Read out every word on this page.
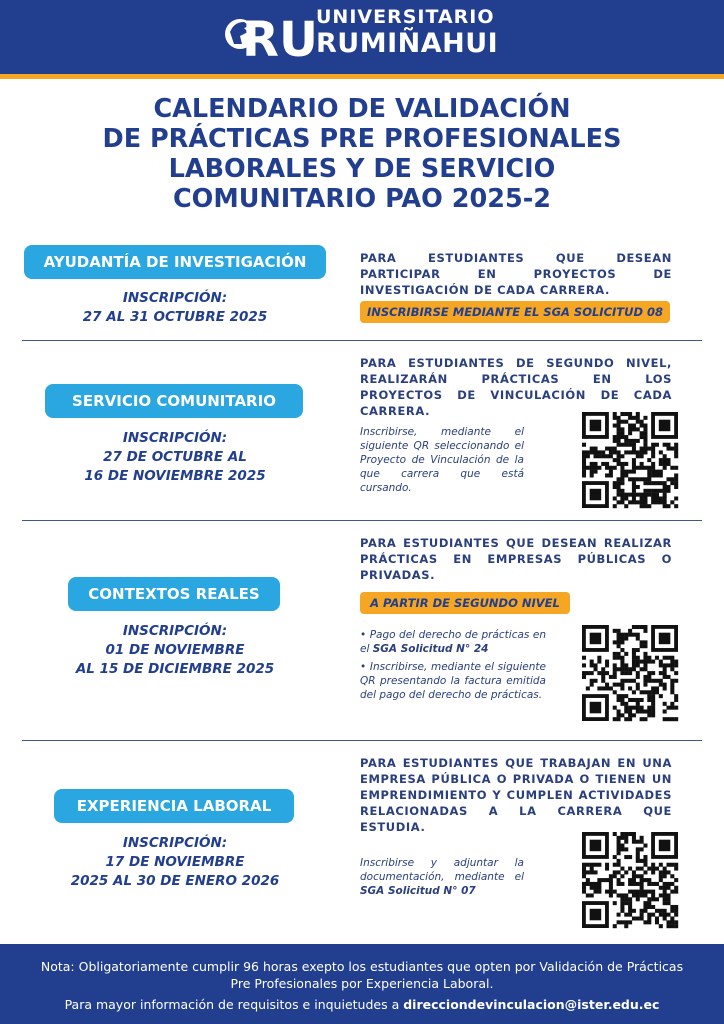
RU
UNIVERSITARIO
RUMIÑAHUI
CALENDARIO DE VALIDACIÓN
DE PRÁCTICAS PRE PROFESIONALES
LABORALES Y DE SERVICIO
COMUNITARIO PAO 2025-2
AYUDANTÍA DE INVESTIGACIÓN
INSCRIPCIÓN:
27 AL 31 OCTUBRE 2025
PARA ESTUDIANTES QUE DESEAN PARTICIPAR EN PROYECTOS DE INVESTIGACIÓN DE CADA CARRERA.
INSCRIBIRSE MEDIANTE EL SGA SOLICITUD 08
SERVICIO COMUNITARIO
INSCRIPCIÓN:
27 DE OCTUBRE AL
16 DE NOVIEMBRE 2025
PARA ESTUDIANTES DE SEGUNDO NIVEL, REALIZARÁN PRÁCTICAS EN LOS PROYECTOS DE VINCULACIÓN DE CADA CARRERA.
Inscribirse, mediante el siguiente QR seleccionando el Proyecto de Vinculación de la que carrera que está cursando.
CONTEXTOS REALES
INSCRIPCIÓN:
01 DE NOVIEMBRE
AL 15 DE DICIEMBRE 2025
PARA ESTUDIANTES QUE DESEAN REALIZAR PRÁCTICAS EN EMPRESAS PÚBLICAS O PRIVADAS.
A PARTIR DE SEGUNDO NIVEL
• Pago del derecho de prácticas en el SGA Solicitud N° 24
• Inscribirse, mediante el siguiente QR presentando la factura emitida del pago del derecho de prácticas.
EXPERIENCIA LABORAL
INSCRIPCIÓN:
17 DE NOVIEMBRE
2025 AL 30 DE ENERO 2026
PARA ESTUDIANTES QUE TRABAJAN EN UNA EMPRESA PÚBLICA O PRIVADA O TIENEN UN EMPRENDIMIENTO Y CUMPLEN ACTIVIDADES RELACIONADAS A LA CARRERA QUE ESTUDIA.
Inscribirse y adjuntar la documentación, mediante el SGA Solicitud N° 07
Nota: Obligatoriamente cumplir 96 horas exepto los estudiantes que opten por Validación de Prácticas Pre Profesionales por Experiencia Laboral.
Para mayor información de requisitos e inquietudes a direcciondevinculacion@ister.edu.ec
